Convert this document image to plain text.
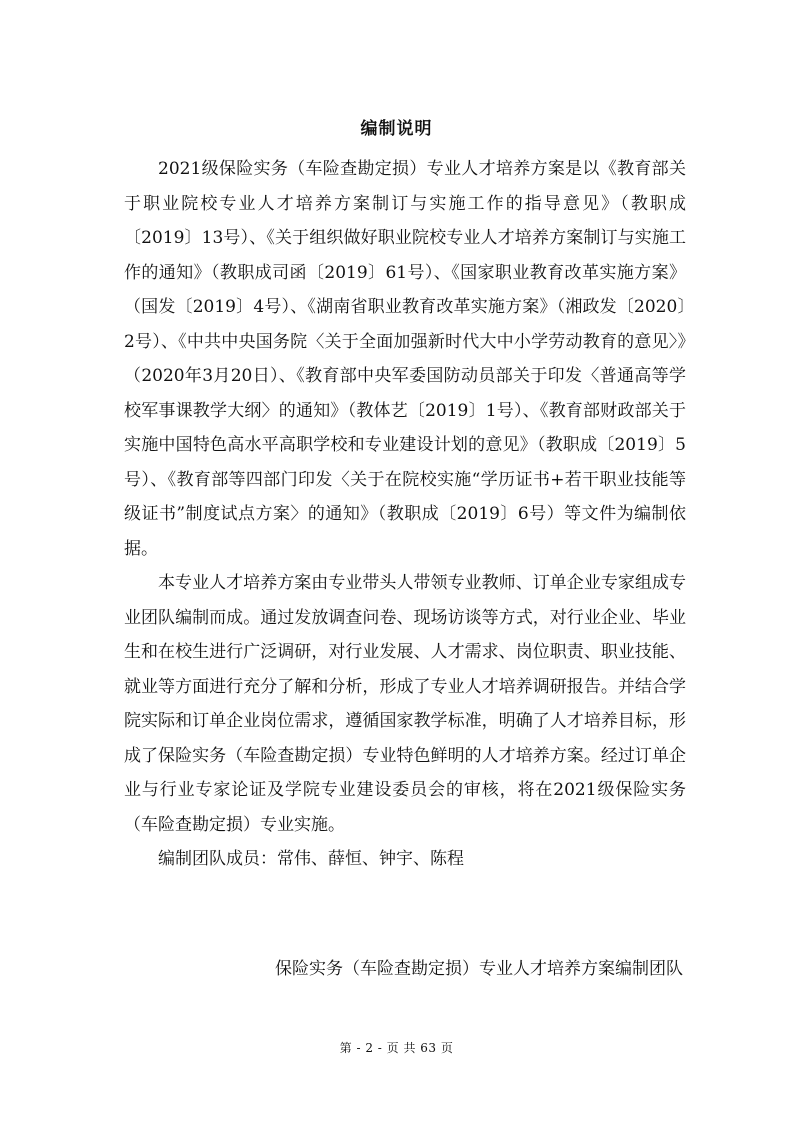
编制说明

2021级保险实务（车险查勘定损）专业人才培养方案是以《教育部关于职业院校专业人才培养方案制订与实施工作的指导意见》（教职成〔2019〕13号）、《关于组织做好职业院校专业人才培养方案制订与实施工作的通知》（教职成司函〔2019〕61号）、《国家职业教育改革实施方案》（国发〔2019〕4号）、《湖南省职业教育改革实施方案》（湘政发〔2020〕2号）、《中共中央国务院〈关于全面加强新时代大中小学劳动教育的意见〉》（2020年3月20日）、《教育部中央军委国防动员部关于印发〈普通高等学校军事课教学大纲〉的通知》（教体艺〔2019〕1号）、《教育部财政部关于实施中国特色高水平高职学校和专业建设计划的意见》（教职成〔2019〕5号）、《教育部等四部门印发〈关于在院校实施“学历证书+若干职业技能等级证书”制度试点方案〉的通知》（教职成〔2019〕6号）等文件为编制依据。

本专业人才培养方案由专业带头人带领专业教师、订单企业专家组成专业团队编制而成。通过发放调查问卷、现场访谈等方式，对行业企业、毕业生和在校生进行广泛调研，对行业发展、人才需求、岗位职责、职业技能、就业等方面进行充分了解和分析，形成了专业人才培养调研报告。并结合学院实际和订单企业岗位需求，遵循国家教学标准，明确了人才培养目标，形成了保险实务（车险查勘定损）专业特色鲜明的人才培养方案。经过订单企业与行业专家论证及学院专业建设委员会的审核，将在2021级保险实务（车险查勘定损）专业实施。

编制团队成员：常伟、薛恒、钟宇、陈程

保险实务（车险查勘定损）专业人才培养方案编制团队
第 - 2 - 页 共 63 页
